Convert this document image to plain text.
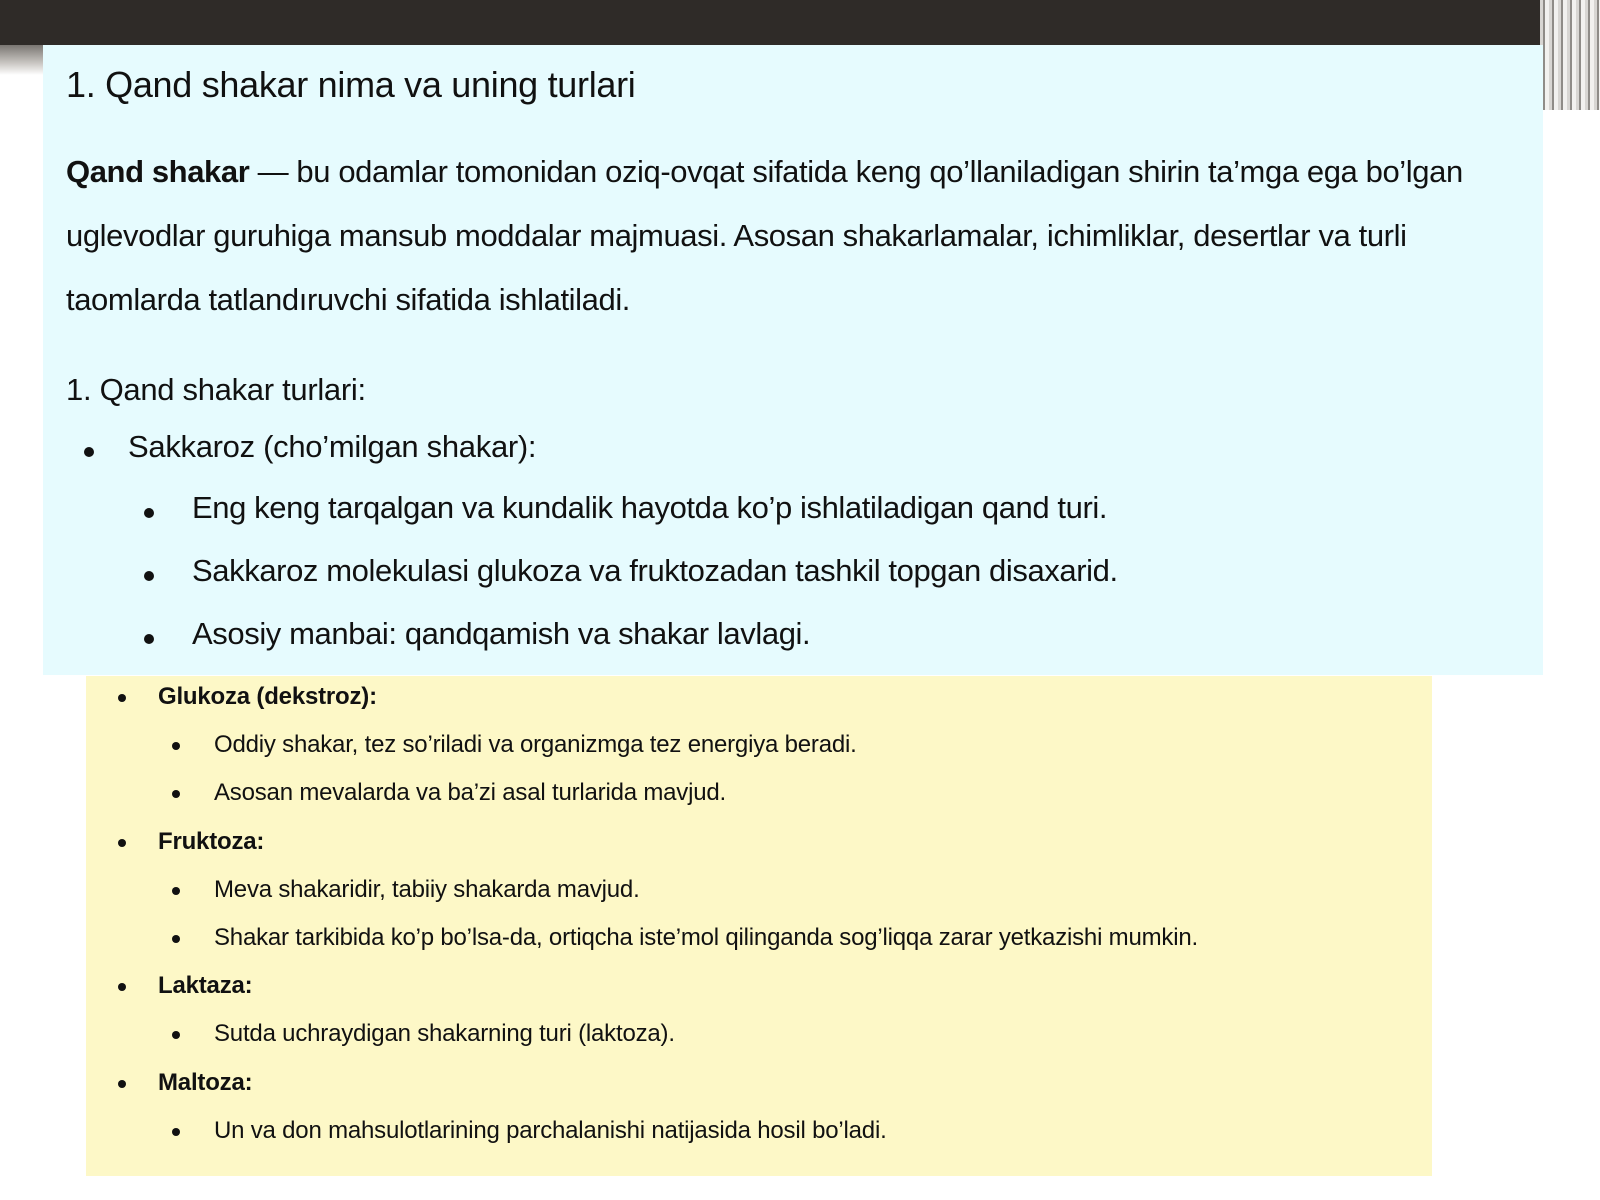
1. Qand shakar nima va uning turlari

Qand shakar — bu odamlar tomonidan oziq-ovqat sifatida keng qo’llaniladigan shirin ta’mga ega bo’lgan uglevodlar guruhiga mansub moddalar majmuasi. Asosan shakarlamalar, ichimliklar, desertlar va turli taomlarda tatlandıruvchi sifatida ishlatiladi.

1. Qand shakar turlari:
Sakkaroz (cho’milgan shakar):
Eng keng tarqalgan va kundalik hayotda ko’p ishlatiladigan qand turi.
Sakkaroz molekulasi glukoza va fruktozadan tashkil topgan disaxarid.
Asosiy manbai: qandqamish va shakar lavlagi.
Glukoza (dekstroz):
Oddiy shakar, tez so’riladi va organizmga tez energiya beradi.
Asosan mevalarda va ba’zi asal turlarida mavjud.
Fruktoza:
Meva shakaridir, tabiiy shakarda mavjud.
Shakar tarkibida ko’p bo’lsa-da, ortiqcha iste’mol qilinganda sog’liqqa zarar yetkazishi mumkin.
Laktaza:
Sutda uchraydigan shakarning turi (laktoza).
Maltoza:
Un va don mahsulotlarining parchalanishi natijasida hosil bo’ladi.
